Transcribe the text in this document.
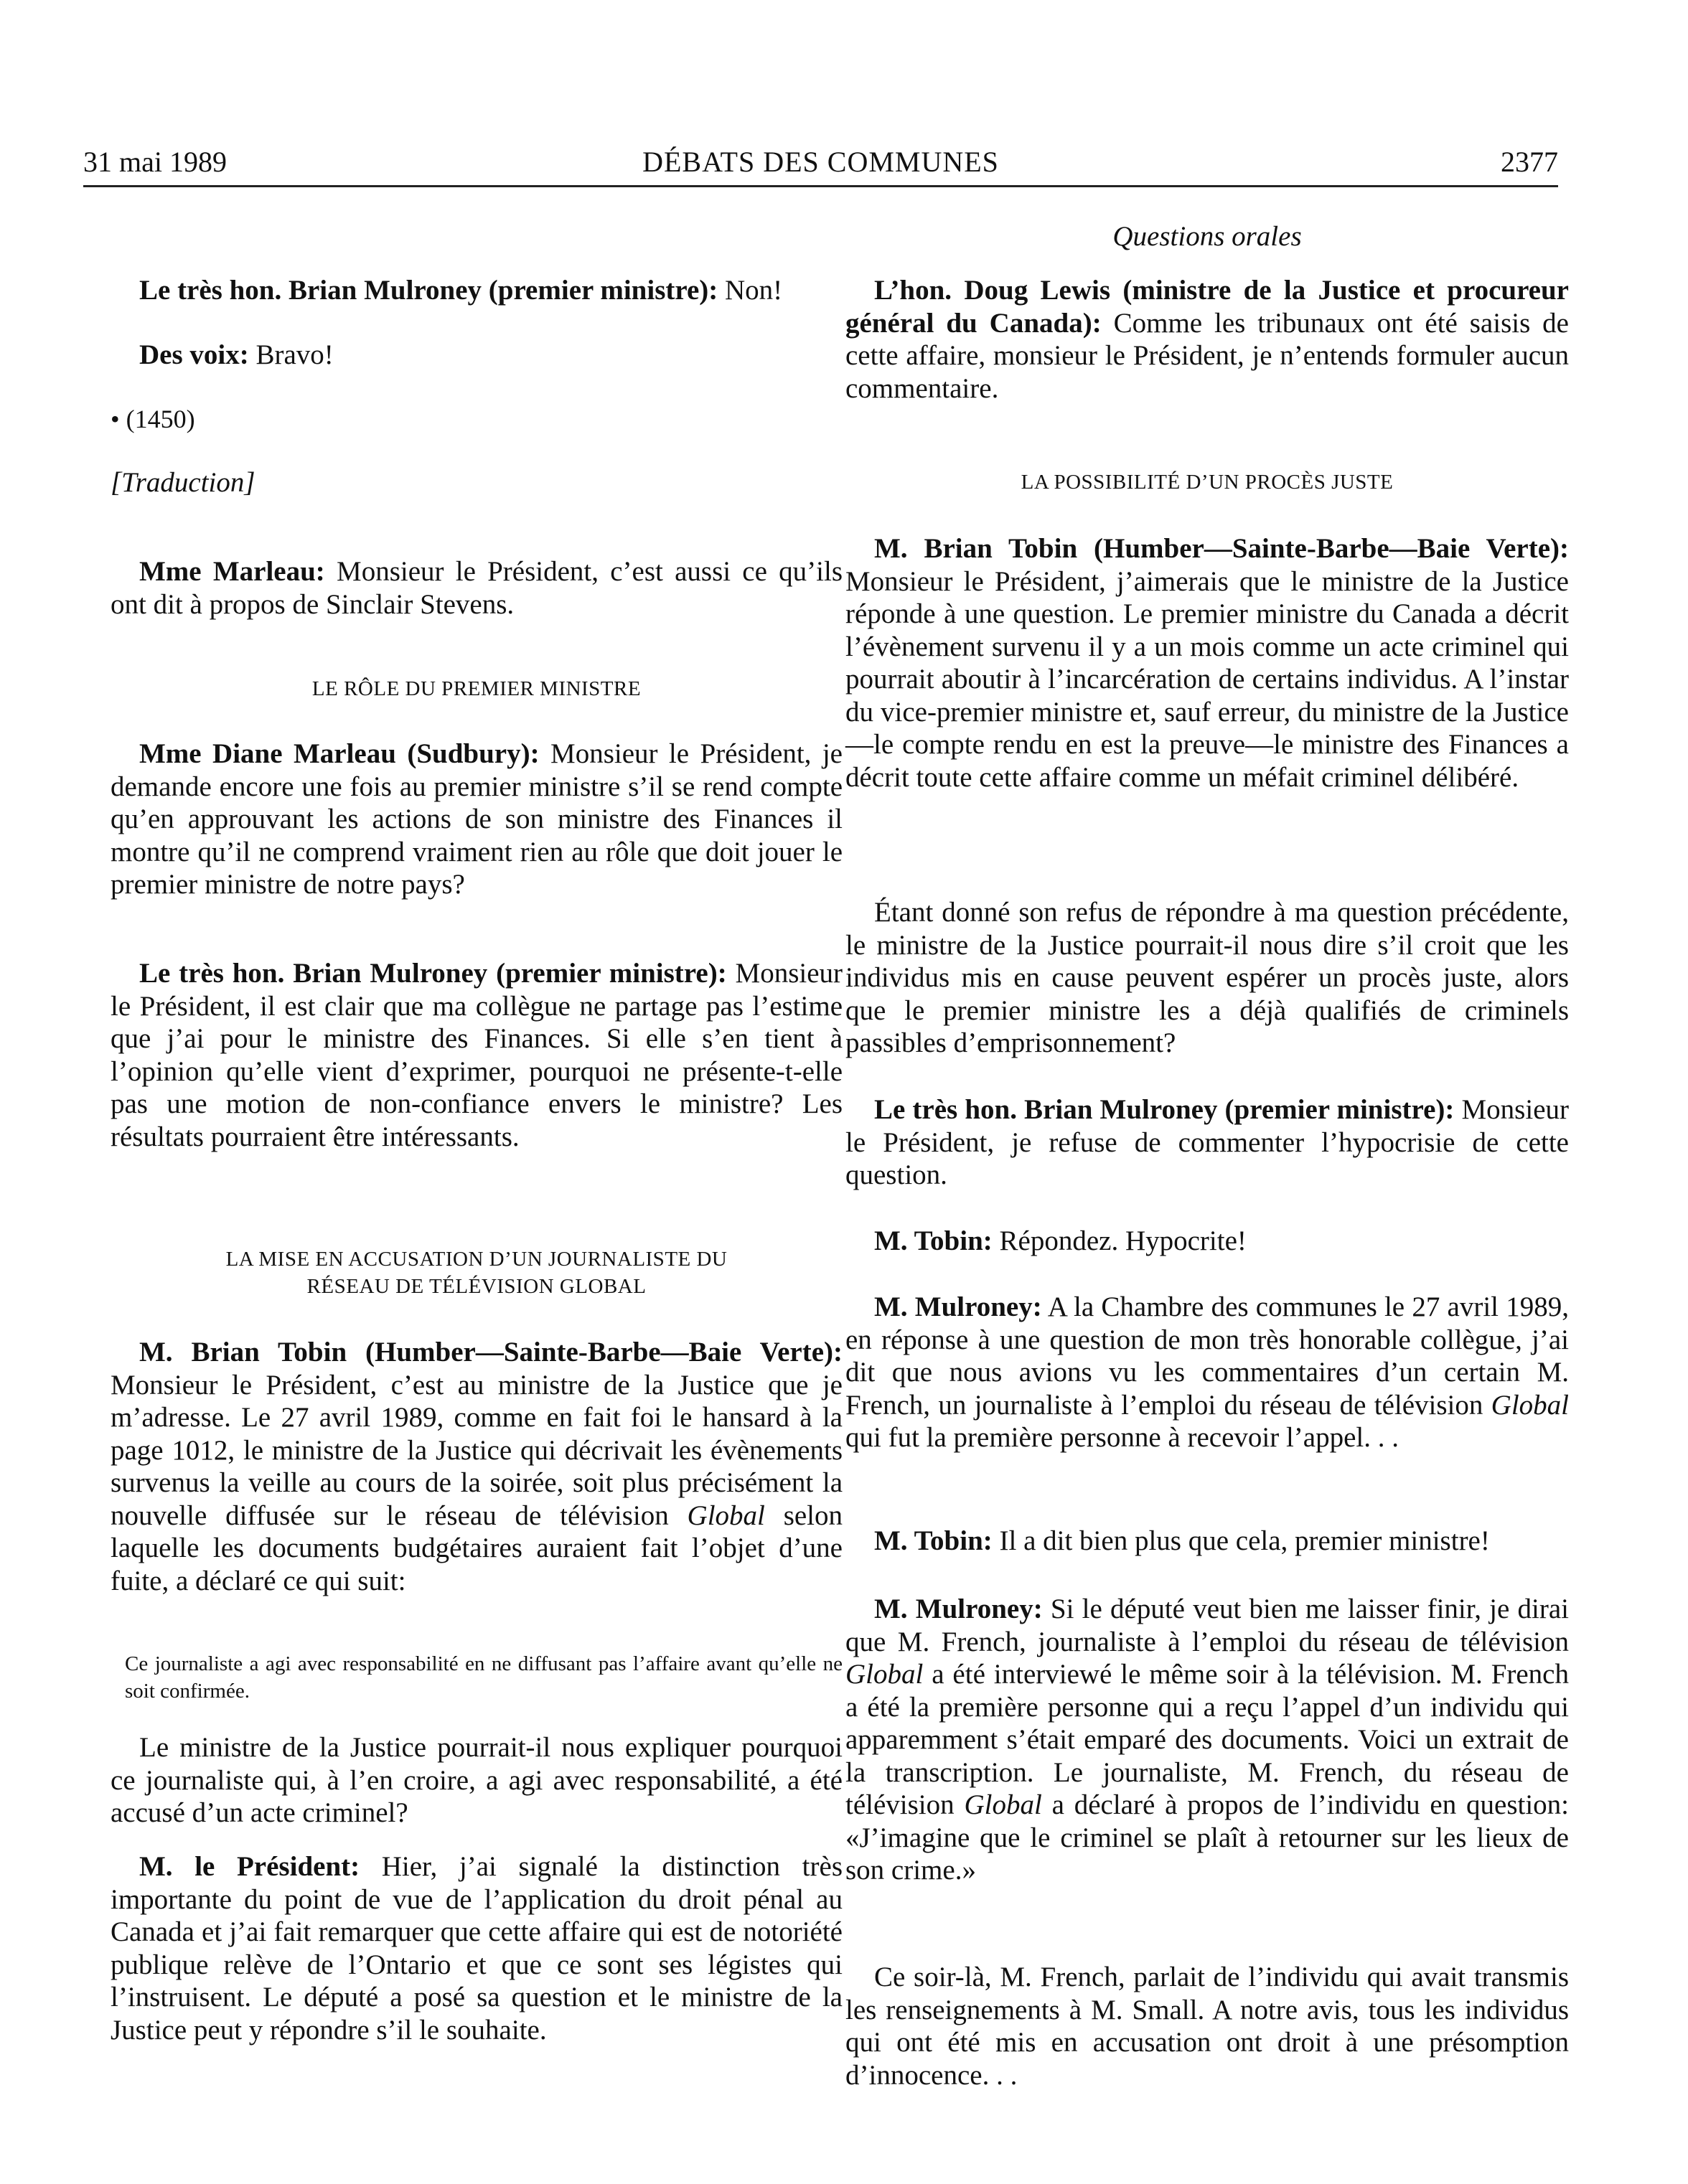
31 mai 1989	DÉBATS DES COMMUNES	2377

Le très hon. Brian Mulroney (premier ministre): Non!

Des voix: Bravo!

• (1450)

[Traduction]

Mme Marleau: Monsieur le Président, c’est aussi ce qu’ils ont dit à propos de Sinclair Stevens.

LE RÔLE DU PREMIER MINISTRE

Mme Diane Marleau (Sudbury): Monsieur le Président, je demande encore une fois au premier ministre s’il se rend compte qu’en approuvant les actions de son ministre des Finances il montre qu’il ne comprend vraiment rien au rôle que doit jouer le premier ministre de notre pays?

Le très hon. Brian Mulroney (premier ministre): Monsieur le Président, il est clair que ma collègue ne partage pas l’estime que j’ai pour le ministre des Finances. Si elle s’en tient à l’opinion qu’elle vient d’exprimer, pourquoi ne présente-t-elle pas une motion de non-confiance envers le ministre? Les résultats pourraient être intéressants.

LA MISE EN ACCUSATION D’UN JOURNALISTE DU
RÉSEAU DE TÉLÉVISION GLOBAL

M. Brian Tobin (Humber—Sainte-Barbe—Baie Verte): Monsieur le Président, c’est au ministre de la Justice que je m’adresse. Le 27 avril 1989, comme en fait foi le hansard à la page 1012, le ministre de la Justice qui décrivait les évènements survenus la veille au cours de la soirée, soit plus précisément la nouvelle diffusée sur le réseau de télévision Global selon laquelle les documents budgétaires auraient fait l’objet d’une fuite, a déclaré ce qui suit:

Ce journaliste a agi avec responsabilité en ne diffusant pas l’affaire avant qu’elle ne soit confirmée.

Le ministre de la Justice pourrait-il nous expliquer pourquoi ce journaliste qui, à l’en croire, a agi avec responsabilité, a été accusé d’un acte criminel?

M. le Président: Hier, j’ai signalé la distinction très importante du point de vue de l’application du droit pénal au Canada et j’ai fait remarquer que cette affaire qui est de notoriété publique relève de l’Ontario et que ce sont ses légistes qui l’instruisent. Le député a posé sa question et le ministre de la Justice peut y répondre s’il le souhaite.

Questions orales

L’hon. Doug Lewis (ministre de la Justice et procureur général du Canada): Comme les tribunaux ont été saisis de cette affaire, monsieur le Président, je n’entends formuler aucun commentaire.

LA POSSIBILITÉ D’UN PROCÈS JUSTE

M. Brian Tobin (Humber—Sainte-Barbe—Baie Verte): Monsieur le Président, j’aimerais que le ministre de la Justice réponde à une question. Le premier ministre du Canada a décrit l’évènement survenu il y a un mois comme un acte criminel qui pourrait aboutir à l’incarcération de certains individus. A l’instar du vice-premier ministre et, sauf erreur, du ministre de la Justice—le compte rendu en est la preuve—le ministre des Finances a décrit toute cette affaire comme un méfait criminel délibéré.

Étant donné son refus de répondre à ma question précédente, le ministre de la Justice pourrait-il nous dire s’il croit que les individus mis en cause peuvent espérer un procès juste, alors que le premier ministre les a déjà qualifiés de criminels passibles d’emprisonnement?

Le très hon. Brian Mulroney (premier ministre): Monsieur le Président, je refuse de commenter l’hypocrisie de cette question.

M. Tobin: Répondez. Hypocrite!

M. Mulroney: A la Chambre des communes le 27 avril 1989, en réponse à une question de mon très honorable collègue, j’ai dit que nous avions vu les commentaires d’un certain M. French, un journaliste à l’emploi du réseau de télévision Global qui fut la première personne à recevoir l’appel. . .

M. Tobin: Il a dit bien plus que cela, premier ministre!

M. Mulroney: Si le député veut bien me laisser finir, je dirai que M. French, journaliste à l’emploi du réseau de télévision Global a été interviewé le même soir à la télévision. M. French a été la première personne qui a reçu l’appel d’un individu qui apparemment s’était emparé des documents. Voici un extrait de la transcription. Le journaliste, M. French, du réseau de télévision Global a déclaré à propos de l’individu en question: «J’imagine que le criminel se plaît à retourner sur les lieux de son crime.»

Ce soir-là, M. French, parlait de l’individu qui avait transmis les renseignements à M. Small. A notre avis, tous les individus qui ont été mis en accusation ont droit à une présomption d’innocence. . .
